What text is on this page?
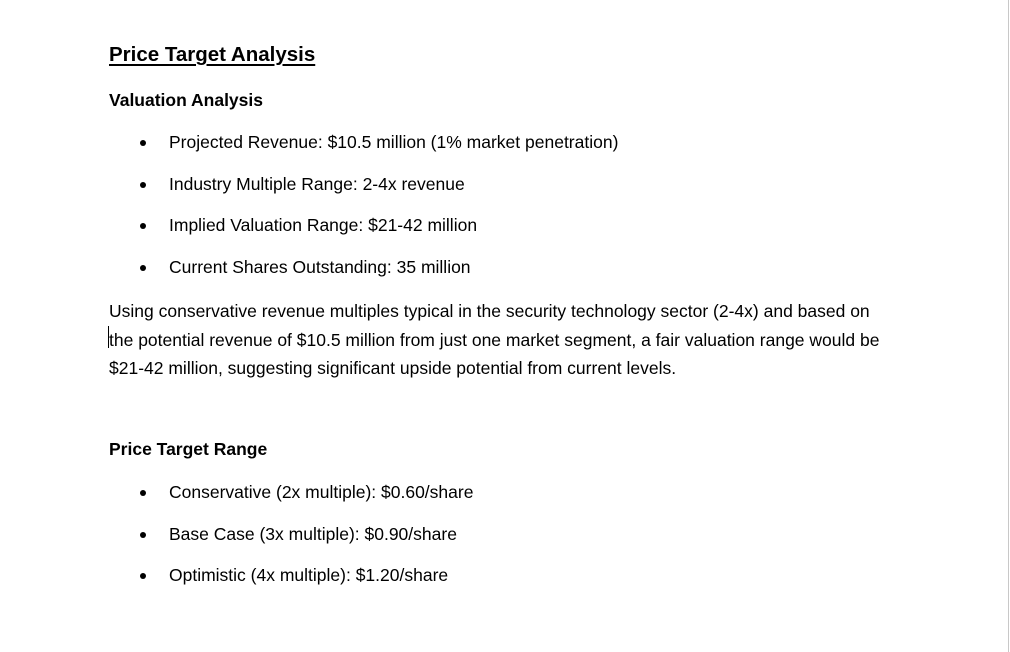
Price Target Analysis
Valuation Analysis
Projected Revenue: $10.5 million (1% market penetration)
Industry Multiple Range: 2-4x revenue
Implied Valuation Range: $21-42 million
Current Shares Outstanding: 35 million

Using conservative revenue multiples typical in the security technology sector (2-4x) and based on the potential revenue of $10.5 million from just one market segment, a fair valuation range would be $21-42 million, suggesting significant upside potential from current levels.

Price Target Range
Conservative (2x multiple): $0.60/share
Base Case (3x multiple): $0.90/share
Optimistic (4x multiple): $1.20/share
